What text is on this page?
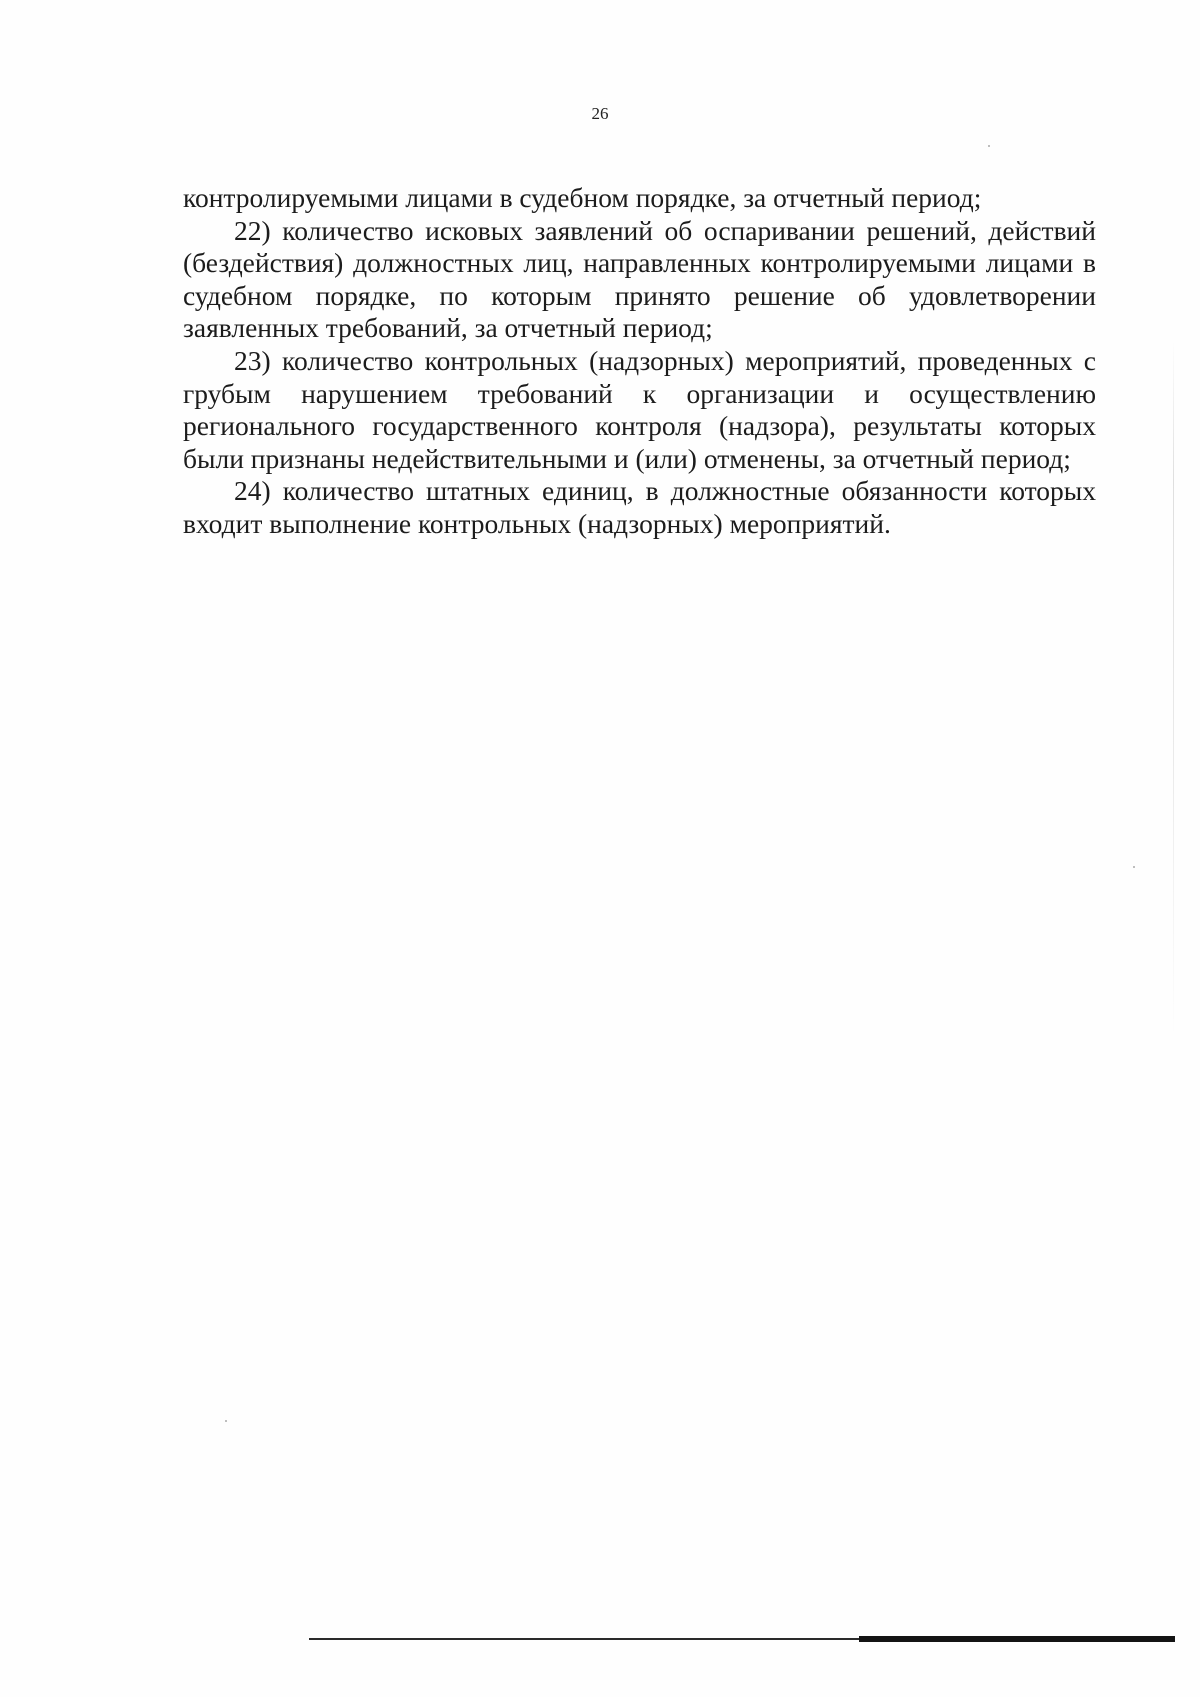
26

контролируемыми лицами в судебном порядке, за отчетный период;

22) количество исковых заявлений об оспаривании решений, действий (бездействия) должностных лиц, направленных контролируемыми лицами в судебном порядке, по которым принято решение об удовлетворении заявленных требований, за отчетный период;

23) количество контрольных (надзорных) мероприятий, проведенных с грубым нарушением требований к организации и осуществлению регионального государственного контроля (надзора), результаты которых были признаны недействительными и (или) отменены, за отчетный период;

24) количество штатных единиц, в должностные обязанности которых входит выполнение контрольных (надзорных) мероприятий.
